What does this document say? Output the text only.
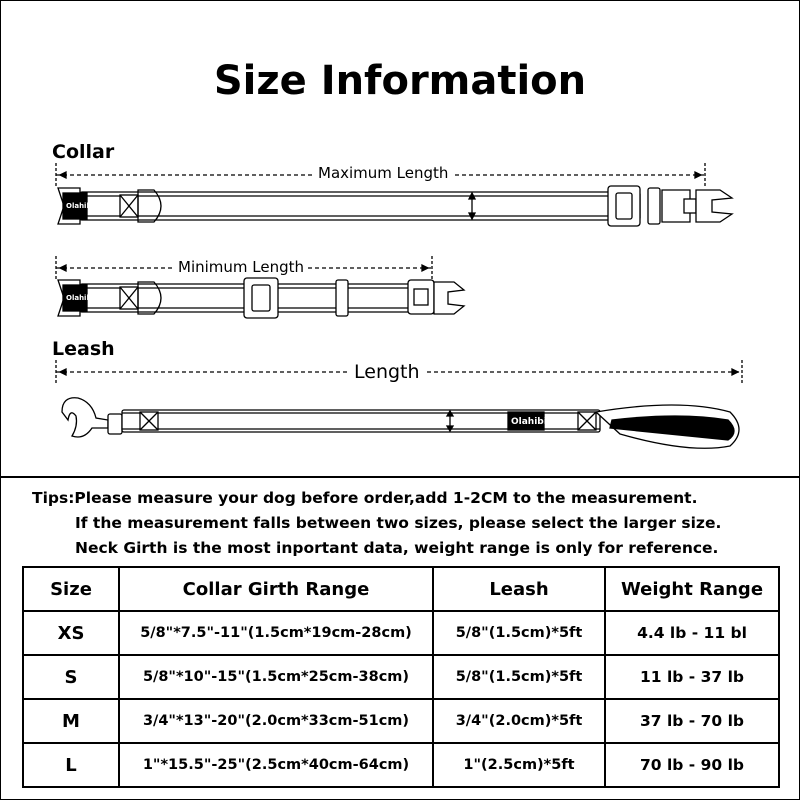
Size Information
Collar
Leash
Olahibi
Olahibi
Olahibi
Maximum Length
Minimum Length
Length
Tips:Please measure your dog before order,add 1-2CM to the measurement.
If the measurement falls between two sizes, please select the larger size.
Neck Girth is the most inportant data, weight range is only for reference.
Size	Collar Girth Range	Leash	Weight Range
XS	5/8"*7.5"-11"(1.5cm*19cm-28cm)	5/8"(1.5cm)*5ft	4.4 lb - 11 bl
S	5/8"*10"-15"(1.5cm*25cm-38cm)	5/8"(1.5cm)*5ft	11 lb - 37 lb
M	3/4"*13"-20"(2.0cm*33cm-51cm)	3/4"(2.0cm)*5ft	37 lb - 70 lb
L	1"*15.5"-25"(2.5cm*40cm-64cm)	1"(2.5cm)*5ft	70 lb - 90 lb
